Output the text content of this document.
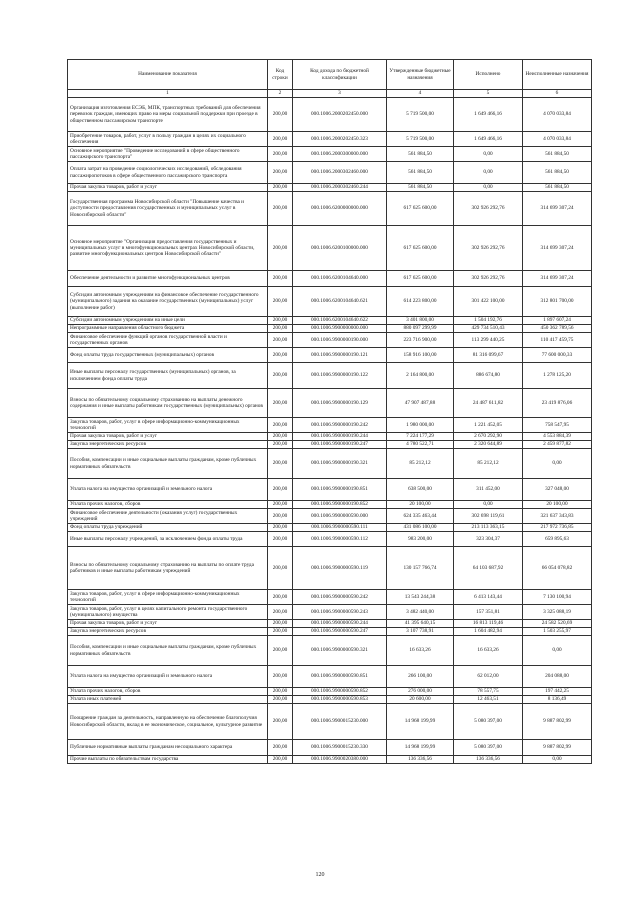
Наименование показателя	Код строки	Код дохода по бюджетной классификации	Утвержденные бюджетные назначения	Исполнено	Неисполненные назначения
1	2	3	4	5	6
Организация изготовления ЕСЭБ, МПК, транспортных требований для обеспечения перевозок граждан, имеющих право на меры социальной поддержки при проезде в общественном пассажирском транспорте	200,00	000.1006.2000202450.000	5 719 500,00	1 649 466,16	4 070 033,84
Приобретение товаров, работ, услуг в пользу граждан в целях их социального обеспечения	200,00	000.1006.2000202450.323	5 719 500,00	1 649 466,16	4 070 033,84
Основное мероприятие "Проведение исследований в сфере общественного пассажирского транспорта"	200,00	000.1006.2000300000.000	561 884,50	0,00	561 884,50
Оплата затрат на проведение социологических исследований, обследования пассажиропотоков в сфере общественного пассажирского транспорта	200,00	000.1006.2000302460.000	561 884,50	0,00	561 884,50
Прочая закупка товаров, работ и услуг	200,00	000.1006.2000302460.244	561 884,50	0,00	561 884,50
Государственная программа Новосибирской области "Повышение качества и доступности предоставления государственных и муниципальных услуг в Новосибирской области"	200,00	000.1006.6200000000.000	617 625 600,00	302 926 292,76	314 699 307,24
Основное мероприятие "Организация предоставления государственных и муниципальных услуг в многофункциональных центрах Новосибирской области, развитие многофункциональных центров Новосибирской области"	200,00	000.1006.6200100000.000	617 625 600,00	302 926 292,76	314 699 307,24
Обеспечение деятельности и развитие многофункциональных центров	200,00	000.1006.6200104640.000	617 625 600,00	302 926 292,76	314 699 307,24
Субсидии автономным учреждениям на финансовое обеспечение государственного (муниципального) задания на оказание государственных (муниципальных) услуг (выполнение работ)	200,00	000.1006.6200104640.621	614 223 800,00	301 422 100,00	312 801 700,00
Субсидии автономным учреждениям на иные цели	200,00	000.1006.6200104640.622	3 401 800,00	1 504 192,76	1 897 607,24
Непрограммные направления областного бюджета	200,00	000.1006.9900000000.000	880 097 299,99	429 734 510,43	450 362 789,56
Финансовое обеспечение функций органов государственной власти и государственных органов	200,00	000.1006.9900000190.000	223 716 900,00	113 299 440,25	110 417 459,75
Фонд оплаты труда государственных (муниципальных) органов	200,00	000.1006.9900000190.121	158 916 100,00	81 316 099,67	77 600 000,33
Иные выплаты персоналу государственных (муниципальных) органов, за исключением фонда оплаты труда	200,00	000.1006.9900000190.122	2 164 800,00	886 674,80	1 278 125,20
Взносы по обязательному социальному страхованию на выплаты денежного содержания и иные выплаты работникам государственных (муниципальных) органов	200,00	000.1006.9900000190.129	47 907 487,88	24 487 611,82	23 419 876,06
Закупка товаров, работ, услуг в сфере информационно-коммуникационных технологий	200,00	000.1006.9900000190.242	1 980 000,00	1 221 452,05	758 547,95
Прочая закупка товаров, работ и услуг	200,00	000.1006.9900000190.244	7 224 177,29	2 670 292,90	4 553 884,39
Закупка энергетических ресурсов	200,00	000.1006.9900000190.247	4 780 522,71	2 320 644,89	2 459 877,82
Пособия, компенсации и иные социальные выплаты гражданам, кроме публичных нормативных обязательств	200,00	000.1006.9900000190.321	85 212,12	85 212,12	0,00
Уплата налога на имущество организаций и земельного налога	200,00	000.1006.9900000190.851	638 500,00	311 452,00	327 048,00
Уплата прочих налогов, сборов	200,00	000.1006.9900000190.852	20 100,00	0,00	20 100,00
Финансовое обеспечение деятельности (оказания услуг) государственных учреждений	200,00	000.1006.9900000590.000	624 335 463,44	302 698 119,61	321 637 343,83
Фонд оплаты труда учреждений	200,00	000.1006.9900000590.111	431 086 100,00	213 113 363,15	217 972 736,85
Иные выплаты персоналу учреждений, за исключением фонда оплаты труда	200,00	000.1006.9900000590.112	983 200,00	323 304,37	659 895,63
Взносы по обязательному социальному страхованию на выплаты по оплате труда работников и иные выплаты работникам учреждений	200,00	000.1006.9900000590.119	130 157 766,74	64 103 687,92	66 054 078,82
Закупка товаров, работ, услуг в сфере информационно-коммуникационных технологий	200,00	000.1006.9900000590.242	13 543 244,38	6 413 143,44	7 130 100,94
Закупка товаров, работ, услуг в целях капитального ремонта государственного (муниципального) имущества	200,00	000.1006.9900000590.243	3 482 440,00	157 351,81	3 325 088,19
Прочая закупка товаров, работ и услуг	200,00	000.1006.9900000590.244	41 395 640,15	16 813 119,46	24 582 520,69
Закупка энергетических ресурсов	200,00	000.1006.9900000590.247	3 107 738,91	1 604 482,94	1 503 255,97
Пособия, компенсации и иные социальные выплаты гражданам, кроме публичных нормативных обязательств	200,00	000.1006.9900000590.321	16 633,26	16 633,26	0,00
Уплата налога на имущество организаций и земельного налога	200,00	000.1006.9900000590.851	266 100,00	62 012,00	204 088,00
Уплата прочих налогов, сборов	200,00	000.1006.9900000590.852	276 000,00	78 557,75	197 442,25
Уплата иных платежей	200,00	000.1006.9900000590.853	20 600,00	12 463,51	8 136,49
Поощрение граждан за деятельность, направленную на обеспечение благополучия Новосибирской области, вклад в ее экономическое, социальное, культурное развитие	200,00	000.1006.9900015230.000	14 968 199,99	5 080 397,00	9 887 802,99
Публичные нормативные выплаты гражданам несоциального характера	200,00	000.1006.9900015230.330	14 968 199,99	5 080 397,00	9 887 802,99
Прочие выплаты по обязательствам государства	200,00	000.1006.9900020380.000	136 336,56	136 336,56	0,00
120
